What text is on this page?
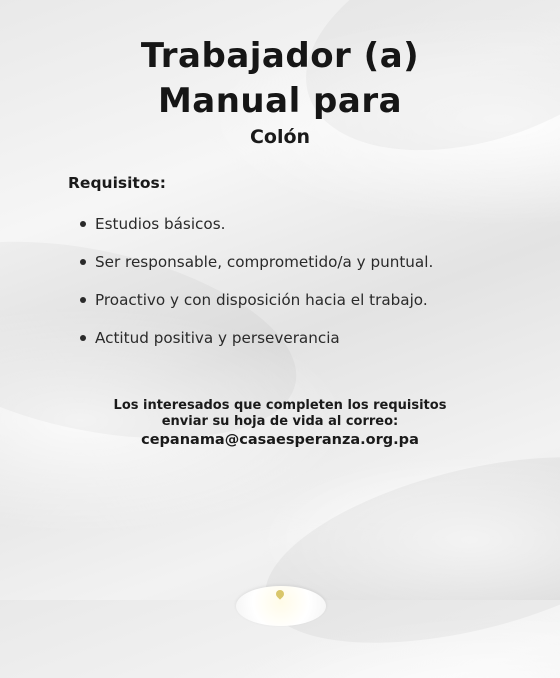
Trabajador (a)
Manual para
Colón
Requisitos:
Estudios básicos.
Ser responsable, comprometido/a y puntual.
Proactivo y con disposición hacia el trabajo.
Actitud positiva y perseverancia
Los interesados que completen los requisitos
enviar su hoja de vida al correo:
cepanama@casaesperanza.org.pa
